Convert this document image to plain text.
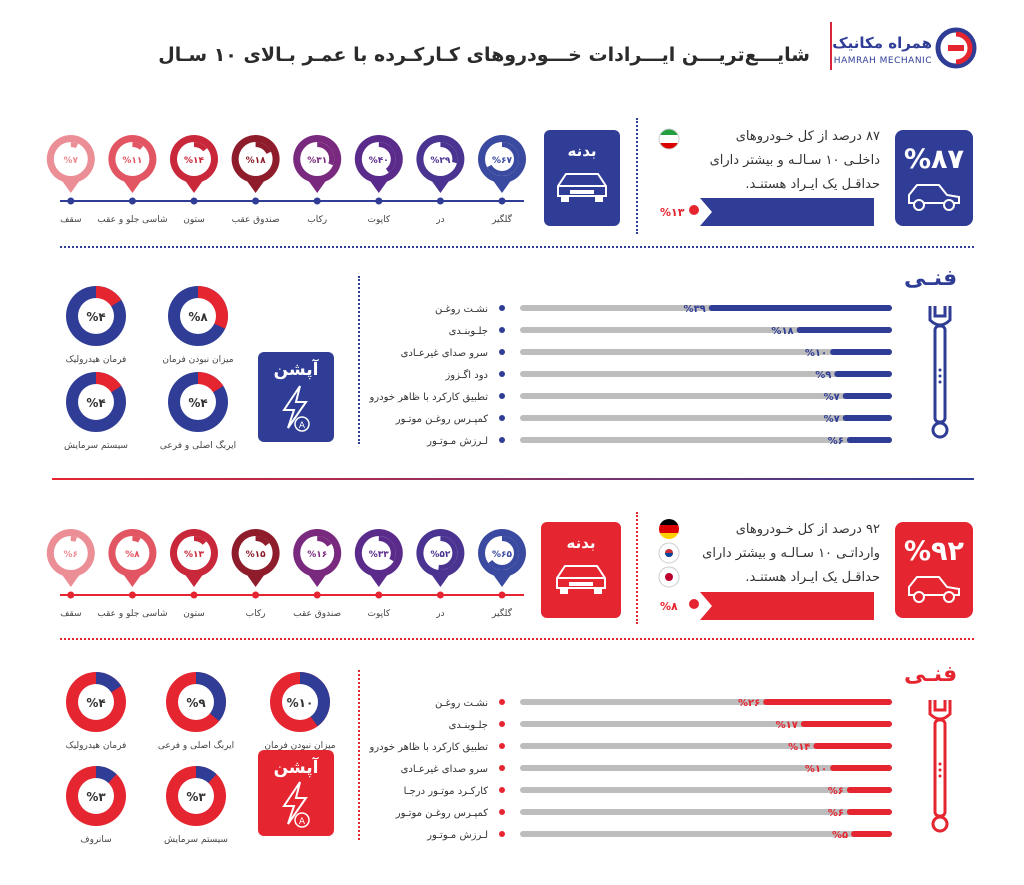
شایـــع‌تریـــن ایـــرادات خـــودروهای کـارکـرده با عمـر بـالای ۱۰ سـال
همراه مکانیک
HAMRAH MECHANIC
%۶۷
گلگیر
%۲۹
در
%۴۰
کاپوت
%۳۱
رکاب
%۱۸
صندوق عقب
%۱۴
ستون
%۱۱
شاسی جلو و عقب
%۷
سقف
بدنه
۸۷ درصد از کل خـودروهای
داخلـی ۱۰ سـالـه و بیشتر دارای
حداقـل یک ایـراد هستنـد.
%۱۳
%۸۷
فنـی
%۳۹
نشـت روغـن
%۱۸
جلـوبنـدی
%۱۰
سرو صدای غیرعـادی
%۹
دود اگـزوز
%۷
تطبیق کارکرد با ظاهر خودرو
%۷
کمپـرس روغـن موتـور
%۶
لـرزش مـوتـور
آپشن
A
%۸
میزان نبودن فرمان
%۴
فرمان هیدرولیک
%۴
ایربگ اصلی و فرعی
%۴
سیستم سرمایش
%۶۵
گلگیر
%۵۲
در
%۳۳
کاپوت
%۱۶
صندوق عقب
%۱۵
رکاب
%۱۳
ستون
%۸
شاسی جلو و عقب
%۶
سقف
بدنه
۹۲ درصد از کل خـودروهای
وارداتـی ۱۰ سـالـه و بیشتر دارای
حداقـل یک ایـراد هستنـد.
%۸
%۹۲
فنـی
%۲۶
نشـت روغـن
%۱۷
جلـوبنـدی
%۱۴
تطبیق کارکرد با ظاهر خودرو
%۱۰
سرو صدای غیرعـادی
%۶
کارکـرد موتـور درجـا
%۶
کمپـرس روغـن موتـور
%۵
لـرزش مـوتـور
آپشن
A
%۱۰
میزان نبودن فرمان
%۹
ایربگ اصلی و فرعی
%۴
فرمان هیدرولیک
%۳
سیستم سرمایش
%۳
سانروف
